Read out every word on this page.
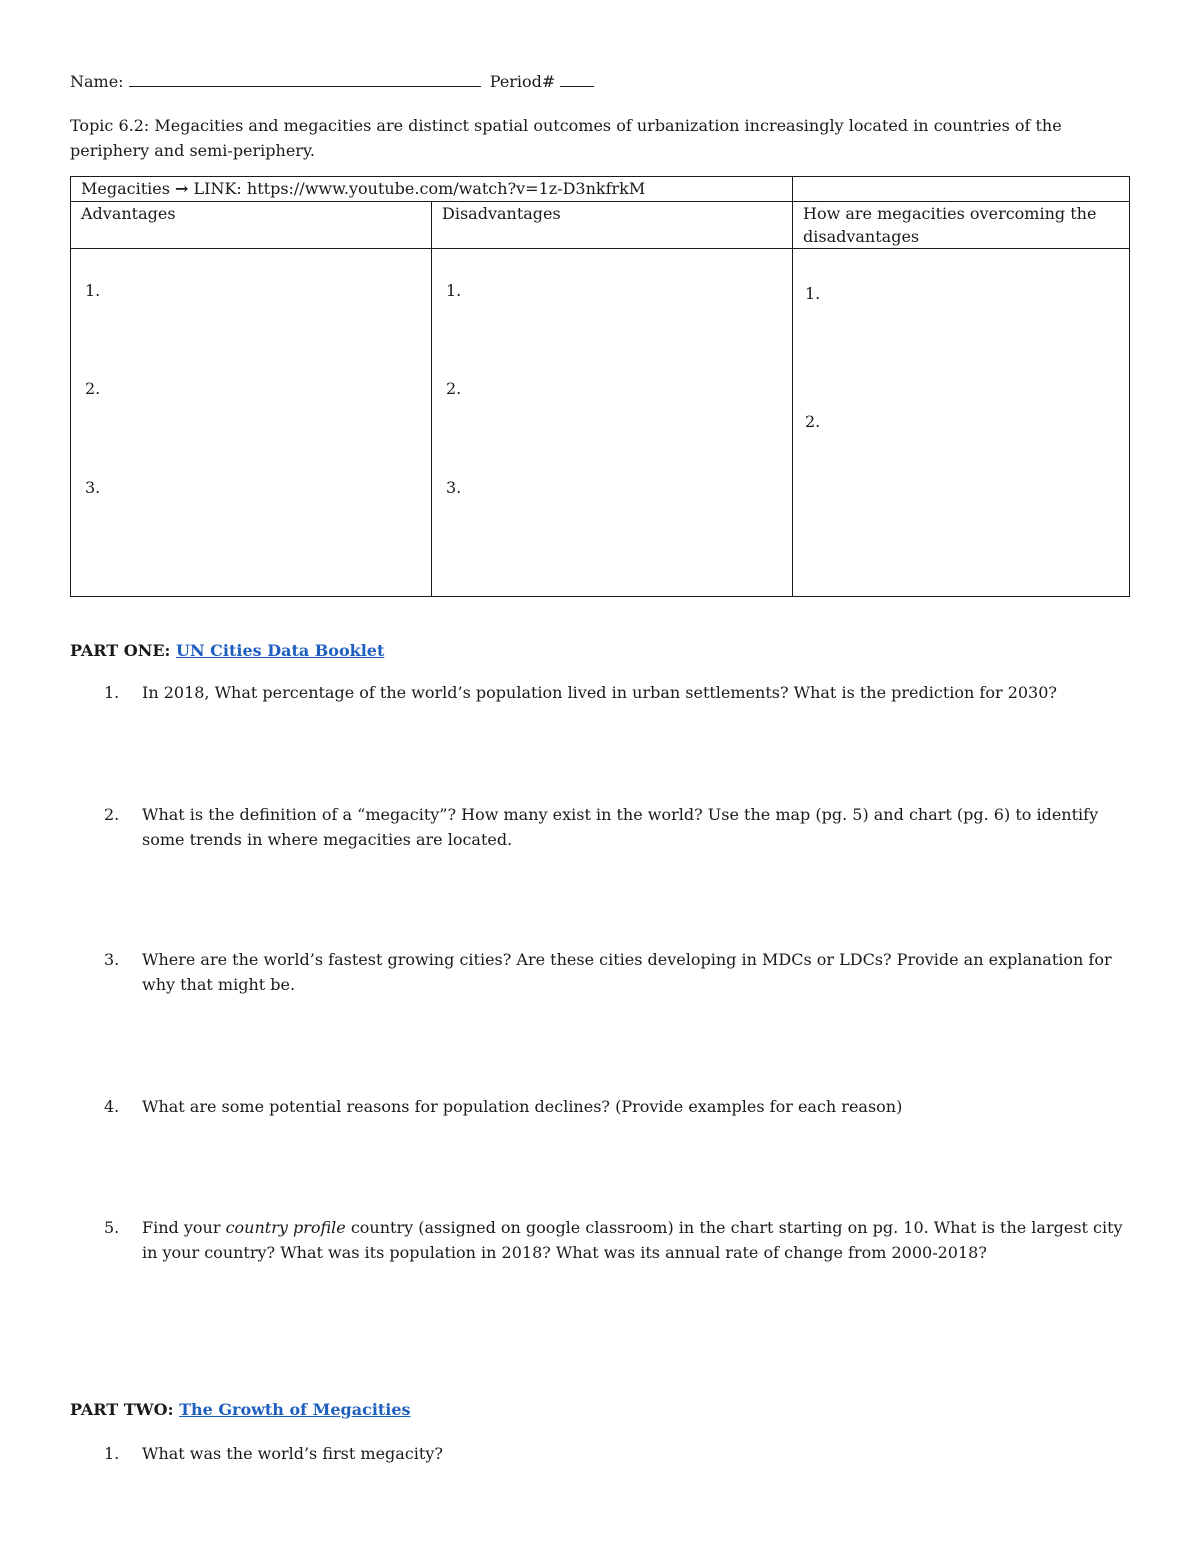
Name:	Period#
Topic 6.2: Megacities and megacities are distinct spatial outcomes of urbanization increasingly located in countries of the periphery and semi-periphery.
Megacities → LINK: https://www.youtube.com/watch?v=1z-D3nkfrkM		
Advantages	Disadvantages	How are megacities overcoming the disadvantages

1.
2.
3.	1.
2.
3.	1.
2.
PART ONE: UN Cities Data Booklet
1. In 2018, What percentage of the world’s population lived in urban settlements? What is the prediction for 2030?
2. What is the definition of a “megacity”? How many exist in the world? Use the map (pg. 5) and chart (pg. 6) to identify some trends in where megacities are located.
3. Where are the world’s fastest growing cities? Are these cities developing in MDCs or LDCs? Provide an explanation for why that might be.
4. What are some potential reasons for population declines? (Provide examples for each reason)
5. Find your country profile country (assigned on google classroom) in the chart starting on pg. 10. What is the largest city in your country? What was its population in 2018? What was its annual rate of change from 2000-2018?
PART TWO: The Growth of Megacities
1. What was the world’s first megacity?
